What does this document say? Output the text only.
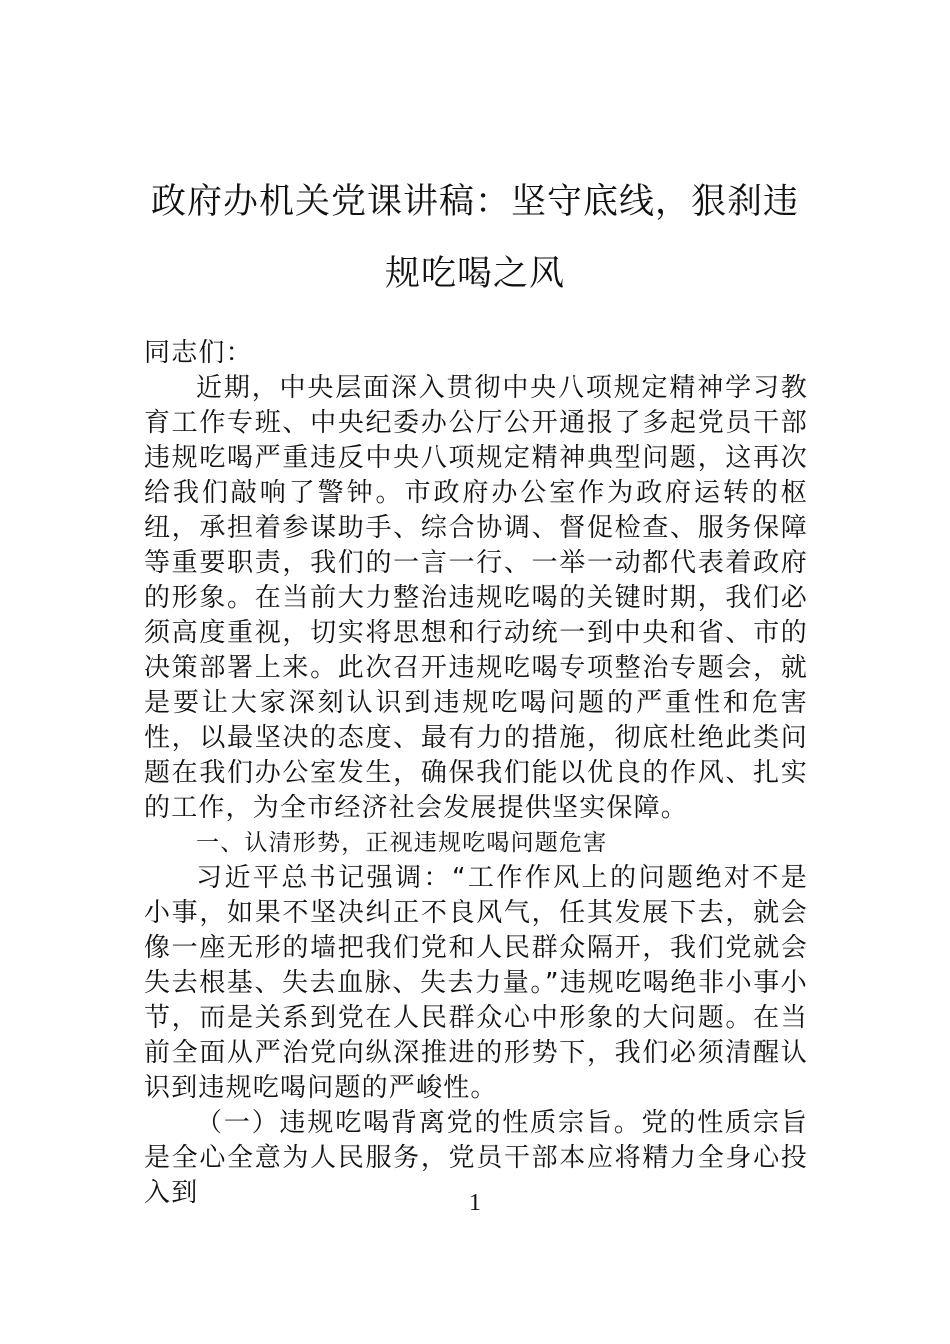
政府办机关党课讲稿：坚守底线，狠刹违规吃喝之风

同志们：

近期，中央层面深入贯彻中央八项规定精神学习教育工作专班、中央纪委办公厅公开通报了多起党员干部违规吃喝严重违反中央八项规定精神典型问题，这再次给我们敲响了警钟。市政府办公室作为政府运转的枢纽，承担着参谋助手、综合协调、督促检查、服务保障等重要职责，我们的一言一行、一举一动都代表着政府的形象。在当前大力整治违规吃喝的关键时期，我们必须高度重视，切实将思想和行动统一到中央和省、市的决策部署上来。此次召开违规吃喝专项整治专题会，就是要让大家深刻认识到违规吃喝问题的严重性和危害性，以最坚决的态度、最有力的措施，彻底杜绝此类问题在我们办公室发生，确保我们能以优良的作风、扎实的工作，为全市经济社会发展提供坚实保障。

一、认清形势，正视违规吃喝问题危害

习近平总书记强调：“工作作风上的问题绝对不是小事，如果不坚决纠正不良风气，任其发展下去，就会像一座无形的墙把我们党和人民群众隔开，我们党就会失去根基、失去血脉、失去力量。”违规吃喝绝非小事小节，而是关系到党在人民群众心中形象的大问题。在当前全面从严治党向纵深推进的形势下，我们必须清醒认识到违规吃喝问题的严峻性。

（一）违规吃喝背离党的性质宗旨。党的性质宗旨是全心全意为人民服务，党员干部本应将精力全身心投入到	1
